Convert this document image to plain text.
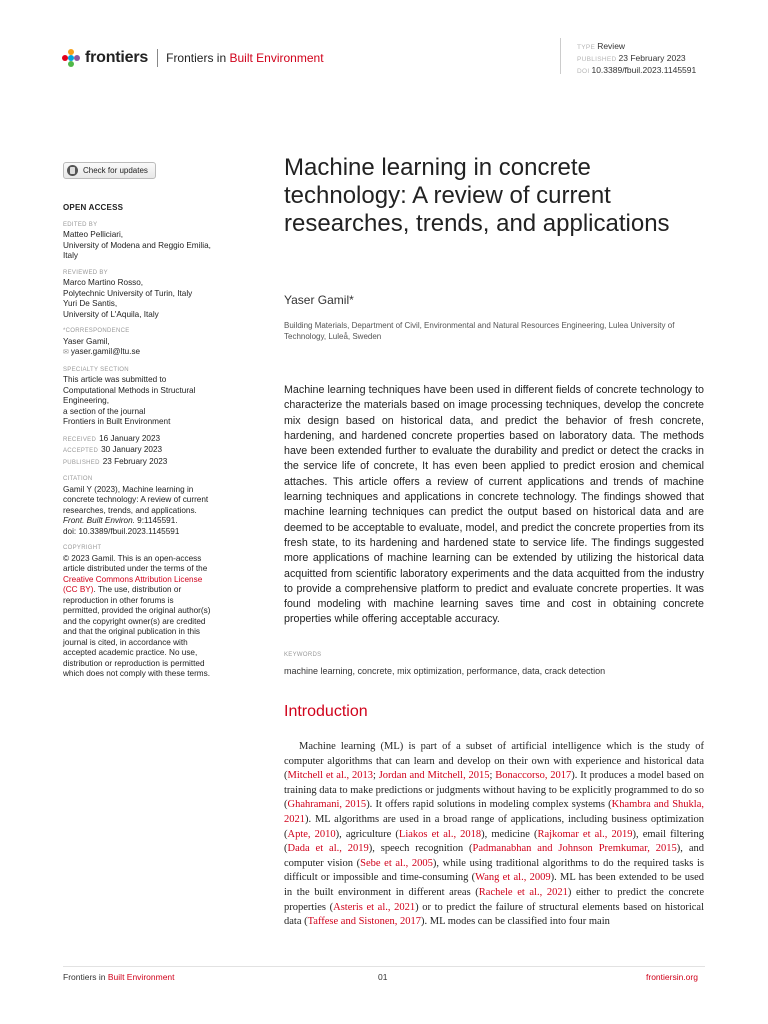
frontiers Frontiers in Built Environment
TYPE Review
PUBLISHED 23 February 2023
DOI 10.3389/fbuil.2023.1145591
Check for updates
OPEN ACCESS
EDITED BY
Matteo Pelliciari,
University of Modena and Reggio Emilia,
Italy
REVIEWED BY
Marco Martino Rosso,
Polytechnic University of Turin, Italy
Yuri De Santis,
University of L'Aquila, Italy
*CORRESPONDENCE
Yaser Gamil,
✉ yaser.gamil@ltu.se
SPECIALTY SECTION
This article was submitted to
Computational Methods in Structural
Engineering,
a section of the journal
Frontiers in Built Environment
RECEIVED 16 January 2023
ACCEPTED 30 January 2023
PUBLISHED 23 February 2023
CITATION
Gamil Y (2023), Machine learning in
concrete technology: A review of current
researches, trends, and applications.
Front. Built Environ. 9:1145591.
doi: 10.3389/fbuil.2023.1145591
COPYRIGHT
© 2023 Gamil. This is an open-access
article distributed under the terms of the
Creative Commons Attribution License
(CC BY). The use, distribution or
reproduction in other forums is
permitted, provided the original author(s)
and the copyright owner(s) are credited
and that the original publication in this
journal is cited, in accordance with
accepted academic practice. No use,
distribution or reproduction is permitted
which does not comply with these terms.
Machine learning in concrete technology: A review of current researches, trends, and applications
Yaser Gamil*
Building Materials, Department of Civil, Environmental and Natural Resources Engineering, Lulea University of Technology, Luleå, Sweden
Machine learning techniques have been used in different fields of concrete technology to characterize the materials based on image processing techniques, develop the concrete mix design based on historical data, and predict the behavior of fresh concrete, hardening, and hardened concrete properties based on laboratory data. The methods have been extended further to evaluate the durability and predict or detect the cracks in the service life of concrete, It has even been applied to predict erosion and chemical attaches. This article offers a review of current applications and trends of machine learning techniques and applications in concrete technology. The findings showed that machine learning techniques can predict the output based on historical data and are deemed to be acceptable to evaluate, model, and predict the concrete properties from its fresh state, to its hardening and hardened state to service life. The findings suggested more applications of machine learning can be extended by utilizing the historical data acquitted from scientific laboratory experiments and the data acquitted from the industry to provide a comprehensive platform to predict and evaluate concrete properties. It was found modeling with machine learning saves time and cost in obtaining concrete properties while offering acceptable accuracy.
KEYWORDS
machine learning, concrete, mix optimization, performance, data, crack detection
Introduction
Machine learning (ML) is part of a subset of artificial intelligence which is the study of computer algorithms that can learn and develop on their own with experience and historical data (Mitchell et al., 2013; Jordan and Mitchell, 2015; Bonaccorso, 2017). It produces a model based on training data to make predictions or judgments without having to be explicitly programmed to do so (Ghahramani, 2015). It offers rapid solutions in modeling complex systems (Khambra and Shukla, 2021). ML algorithms are used in a broad range of applications, including business optimization (Apte, 2010), agriculture (Liakos et al., 2018), medicine (Rajkomar et al., 2019), email filtering (Dada et al., 2019), speech recognition (Padmanabhan and Johnson Premkumar, 2015), and computer vision (Sebe et al., 2005), while using traditional algorithms to do the required tasks is difficult or impossible and time-consuming (Wang et al., 2009). ML has been extended to be used in the built environment in different areas (Rachele et al., 2021) either to predict the concrete properties (Asteris et al., 2021) or to predict the failure of structural elements based on historical data (Taffese and Sistonen, 2017). ML modes can be classified into four main
Frontiers in Built Environment	01	frontiersin.org
